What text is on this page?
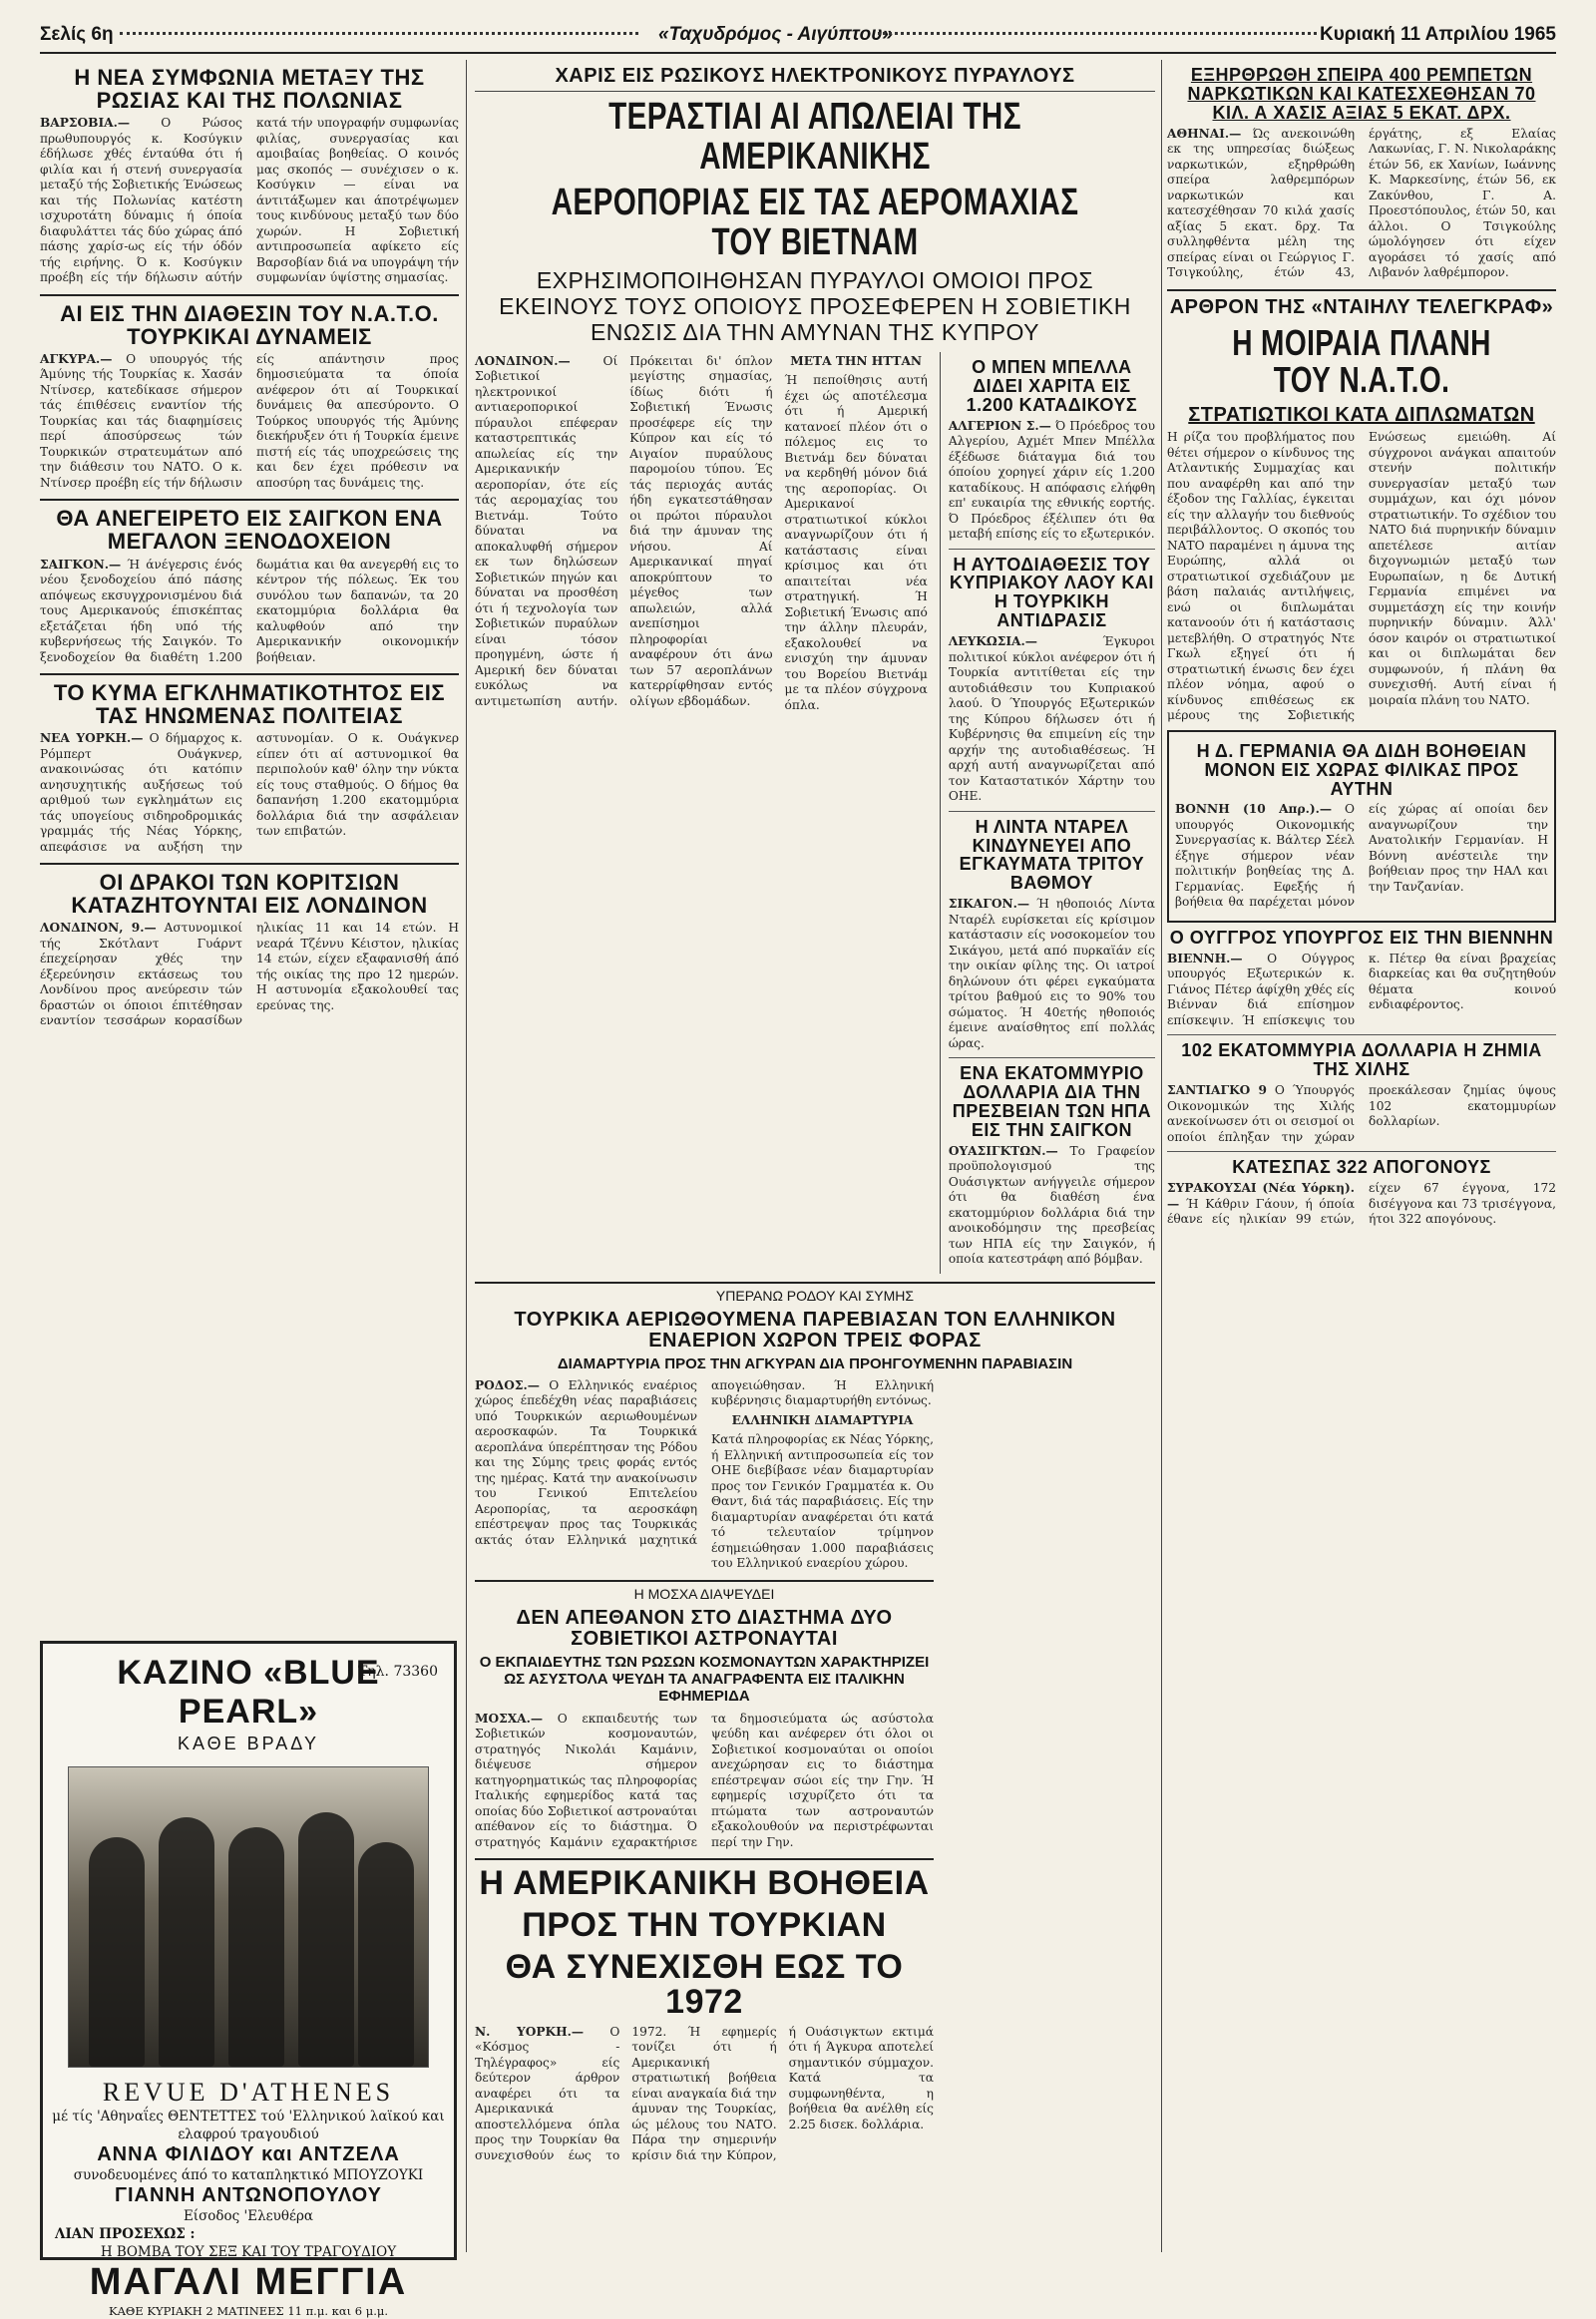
Σελίς 6η	«Ταχυδρόμος - Αιγύπτου»	Κυριακή 11 Απριλίου 1965
Η ΝΕΑ ΣΥΜΦΩΝΙΑ ΜΕΤΑΞΥ ΤΗΣ ΡΩΣΙΑΣ ΚΑΙ ΤΗΣ ΠΟΛΩΝΙΑΣ
ΒΑΡΣΟΒΙΑ.—	Ο Ρώσος πρωθυπουργός κ. Κοσύγκιν έδήλωσε χθές ένταύθα ότι ή φιλία και ή στενή συνεργασία μεταξύ τής Σοβιετικής Ένώσεως και τής Πολωνίας κατέστη ισχυροτάτη δύναμις ή όποία διαφυλάττει τάς δύο χώρας άπό πάσης χαρίσ-ως είς τήν όδόν τής ειρήνης. Ό κ. Κοσύγκιν προέβη είς τήν δήλωσιν αύτήν κατά τήν υπογραφήν συμφωνίας φιλίας, συνεργασίας και αμοιβαίας βοηθείας. Ο κοινός μας σκοπός — συνέχισεν ο κ. Κοσύγκιν — είναι να άντιτάξωμεν και άποτρέψωμεν τους κινδύνους μεταξύ των δύο χωρών. Η Σοβιετική αντιπροσωπεία αφίκετο είς Βαρσοβίαν διά να υπογράψη τήν συμφωνίαν ύψίστης σημασίας.
ΑΙ ΕΙΣ ΤΗΝ ΔΙΑΘΕΣΙΝ ΤΟΥ Ν.Α.Τ.Ο. ΤΟΥΡΚΙΚΑΙ ΔΥΝΑΜΕΙΣ
ΑΓΚΥΡΑ.— Ο υπουργός τής Άμύνης τής Τουρκίας κ. Χασάν Ντίνσερ, κατεδίκασε σήμερον τάς έπιθέσεις εναντίον τής Τουρκίας και τάς διαφημίσεις περί άποσύρσεως τών Τουρκικών στρατευμάτων από την διάθεσιν του ΝΑΤΟ. Ο κ. Ντίνσερ προέβη είς τήν δήλωσιν είς απάντησιν προς δημοσιεύματα τα όποία ανέφερον ότι αί Τουρκικαί δυνάμεις θα απεσύροντο. Ο Τούρκος υπουργός τής Άμύνης διεκήρυξεν ότι ή Τουρκία έμεινε πιστή είς τάς υποχρεώσεις της και δεν έχει πρόθεσιν να αποσύρη τας δυνάμεις της.
ΘΑ ΑΝΕΓΕΙΡΕΤΟ ΕΙΣ ΣΑΙΓΚΟΝ ΕΝΑ ΜΕΓΑΛΟΝ ΞΕΝΟΔΟΧΕΙΟΝ
ΣΑΙΓΚΟΝ.— Ή άνέγερσις ένός νέου ξενοδοχείου άπό πάσης απόψεως εκσυγχρονισμένου διά τους Αμερικανούς έπισκέπτας εξετάζεται ήδη υπό τής κυβερνήσεως τής Σαιγκόν. Το ξενοδοχείον θα διαθέτη 1.200 δωμάτια και θα ανεγερθή εις το κέντρον τής πόλεως. Έκ του συνόλου των δαπανών, τα 20 εκατομμύρια δολλάρια θα καλυφθούν από την Αμερικανικήν οικονομικήν βοήθειαν.
ΤΟ ΚΥΜΑ ΕΓΚΛΗΜΑΤΙΚΟΤΗΤΟΣ ΕΙΣ ΤΑΣ ΗΝΩΜΕΝΑΣ ΠΟΛΙΤΕΙΑΣ
ΝΕΑ ΥΟΡΚΗ.— Ο δήμαρχος κ. Ρόμπερτ Ουάγκνερ, ανακοινώσας ότι κατόπιν ανησυχητικής αυξήσεως τού αριθμού των εγκλημάτων εις τάς υπογείους σιδηροδρομικάς γραμμάς τής Νέας Υόρκης, απεφάσισε να αυξήση την αστυνομίαν. Ο κ. Ουάγκνερ είπεν ότι αί αστυνομικοί θα περιπολούν καθ' όλην την νύκτα είς τους σταθμούς. Ο δήμος θα δαπανήση 1.200 εκατομμύρια δολλάρια διά την ασφάλειαν των επιβατών.
ΟΙ ΔΡΑΚΟΙ ΤΩΝ ΚΟΡΙΤΣΙΩΝ ΚΑΤΑΖΗΤΟΥΝΤΑΙ ΕΙΣ ΛΟΝΔΙΝΟΝ
ΛΟΝΔΙΝΟΝ, 9.— Αστυνομικοί τής Σκότλαντ Γυάρντ έπεχείρησαν χθές την έξερεύνησιν εκτάσεως του Λονδίνου προς ανεύρεσιν τών δραστών οι όποιοι έπιτέθησαν εναντίον τεσσάρων κορασίδων ηλικίας 11 και 14 ετών. Η νεαρά Τζέννυ Κέιστον, ηλικίας 14 ετών, είχεν εξαφανισθή άπό τής οικίας της προ 12 ημερών. Η αστυνομία εξακολουθεί τας ερεύνας της.
Τηλ. 73360
ΚΑΖΙΝΟ «BLUE PEARL»
ΚΑΘΕ ΒΡΑΔΥ
REVUE D'ATHENES
μέ τίς 'Αθηναΐες ΘΕΝΤΕΤΤΕΣ τού 'Ελληνικού λαϊκού και ελαφρού τραγουδιού
ΑΝΝΑ ΦΙΛΙΔΟΥ και ΑΝΤΖΕΛΑ
συνοδευομένες άπό το καταπληκτικό ΜΠΟΥΖΟΥΚΙ
ΓΙΑΝΝΗ ΑΝΤΩΝΟΠΟΥΛΟΥ
Είσοδος 'Ελευθέρα
ΛΙΑΝ ΠΡΟΣΕΧΩΣ :
Η ΒΟΜΒΑ ΤΟΥ ΣΕΞ ΚΑΙ ΤΟΥ ΤΡΑΓΟΥΔΙΟΥ
ΜΑΓΑΛΙ ΜΕΓΓΙΑ
ΚΑΘΕ ΚΥΡΙΑΚΗ 2 ΜΑΤΙΝΕΕΣ 11 π.μ. και 6 μ.μ.
ΧΑΡΙΣ ΕΙΣ ΡΩΣΙΚΟΥΣ ΗΛΕΚΤΡΟΝΙΚΟΥΣ ΠΥΡΑΥΛΟΥΣ
ΤΕΡΑΣΤΙΑΙ ΑΙ ΑΠΩΛΕΙΑΙ ΤΗΣ ΑΜΕΡΙΚΑΝΙΚΗΣ
ΑΕΡΟΠΟΡΙΑΣ ΕΙΣ ΤΑΣ ΑΕΡΟΜΑΧΙΑΣ ΤΟΥ ΒΙΕΤΝΑΜ
ΕΧΡΗΣΙΜΟΠΟΙΗΘΗΣΑΝ ΠΥΡΑΥΛΟΙ ΟΜΟΙΟΙ ΠΡΟΣ ΕΚΕΙΝΟΥΣ ΤΟΥΣ ΟΠΟΙΟΥΣ ΠΡΟΣΕΦΕΡΕΝ Η ΣΟΒΙΕΤΙΚΗ ΕΝΩΣΙΣ ΔΙΑ ΤΗΝ ΑΜΥΝΑΝ ΤΗΣ ΚΥΠΡΟΥ
ΛΟΝΔΙΝΟΝ.—	Οί Σοβιετικοί ηλεκτρονικοί αντιαεροπορικοί πύραυλοι επέφεραν καταστρεπτικάς απωλείας είς την Αμερικανικήν αεροπορίαν, ότε είς τάς αερομαχίας του Βιετνάμ. Τούτο δύναται να αποκαλυφθή σήμερον εκ των δηλώσεων Σοβιετικών πηγών και δύναται να προσθέση ότι ή τεχνολογία των Σοβιετικών πυραύλων είναι τόσον προηγμένη, ώστε ή Αμερική δεν δύναται ευκόλως να αντιμετωπίση αυτήν. Πρόκειται δι' όπλον μεγίστης σημασίας, ίδίως διότι ή Σοβιετική Ένωσις προσέφερε είς την Κύπρον και είς τό Αιγαίον πυραύλους παρομοίου τύπου. Ές τάς περιοχάς αυτάς ήδη εγκατεστάθησαν οι πρώτοι πύραυλοι διά την άμυναν της νήσου. Αί Αμερικανικαί πηγαί αποκρύπτουν το μέγεθος των απωλειών, αλλά ανεπίσημοι πληροφορίαι αναφέρουν ότι άνω των 57 αεροπλάνων κατερρίφθησαν εντός ολίγων εβδομάδων.
ΜΕΤΑ ΤΗΝ ΗΤΤΑΝ
Ή πεποίθησις αυτή έχει ώς αποτέλεσμα ότι ή Αμερική κατανοεί πλέον ότι ο πόλεμος εις το Βιετνάμ δεν δύναται να κερδηθή μόνον διά της αεροπορίας. Οι Αμερικανοί στρατιωτικοί κύκλοι αναγνωρίζουν ότι ή κατάστασις είναι κρίσιμος και ότι απαιτείται νέα στρατηγική. Ή Σοβιετική Ένωσις από την άλλην πλευράν, εξακολουθεί να ενισχύη την άμυναν του Βορείου Βιετνάμ με τα πλέον σύγχρονα όπλα.
Ο ΜΠΕΝ ΜΠΕΛΛΑ ΔΙΔΕΙ ΧΑΡΙΤΑ ΕΙΣ 1.200 ΚΑΤΑΔΙΚΟΥΣ
ΑΛΓΕΡΙΟΝ Σ.— Ό Πρόεδρος του Αλγερίου, Αχμέτ Μπεν Μπέλλα έξέδωσε διάταγμα διά του όποίου χορηγεί χάριν είς 1.200 καταδίκους. Η απόφασις ελήφθη επ' ευκαιρία της εθνικής εορτής. Ό Πρόεδρος έξέλιπεν ότι θα μεταβή επίσης είς το εξωτερικόν.
Η ΑΥΤΟΔΙΑΘΕΣΙΣ ΤΟΥ ΚΥΠΡΙΑΚΟΥ ΛΑΟΥ ΚΑΙ Η ΤΟΥΡΚΙΚΗ ΑΝΤΙΔΡΑΣΙΣ
ΛΕΥΚΩΣΙΑ.—	Έγκυροι πολιτικοί κύκλοι ανέφερον ότι ή Τουρκία αντιτίθεται είς την αυτοδιάθεσιν του Κυπριακού λαού. Ό Ύπουργός Εξωτερικών της Κύπρου δήλωσεν ότι ή Κυβέρνησις θα επιμείνη είς την αρχήν της αυτοδιαθέσεως. Ή αρχή αυτή αναγνωρίζεται από τον Καταστατικόν Χάρτην του ΟΗΕ.
Η ΛΙΝΤΑ ΝΤΑΡΕΛ ΚΙΝΔΥΝΕΥΕΙ ΑΠΟ ΕΓΚΑΥΜΑΤΑ ΤΡΙΤΟΥ ΒΑΘΜΟΥ
ΣΙΚΑΓΟΝ.— Ή ηθοποιός Λίντα Νταρέλ ευρίσκεται είς κρίσιμον κατάστασιν είς νοσοκομείον του Σικάγου, μετά από πυρκαϊάν είς την οικίαν φίλης της. Οι ιατροί δηλώνουν ότι φέρει εγκαύματα τρίτου βαθμού εις το 90% του σώματος. Ή 40ετής ηθοποιός έμεινε αναίσθητος επί πολλάς ώρας.
ΕΝΑ ΕΚΑΤΟΜΜΥΡΙΟ ΔΟΛΛΑΡΙΑ ΔΙΑ ΤΗΝ ΠΡΕΣΒΕΙΑΝ ΤΩΝ ΗΠΑ ΕΙΣ ΤΗΝ ΣΑΙΓΚΟΝ
ΟΥΑΣΙΓΚΤΩΝ.— Το Γραφείον προϋπολογισμού της Ουάσιγκτων ανήγγειλε σήμερον ότι θα διαθέση ένα εκατομμύριον δολλάρια διά την ανοικοδόμησιν της πρεσβείας των ΗΠΑ είς την Σαιγκόν, ή οποία κατεστράφη από βόμβαν.
ΥΠΕΡΑΝΩ ΡΟΔΟΥ ΚΑΙ ΣΥΜΗΣ
ΤΟΥΡΚΙΚΑ ΑΕΡΙΩΘΟΥΜΕΝΑ ΠΑΡΕΒΙΑΣΑΝ ΤΟΝ ΕΛΛΗΝΙΚΟΝ ΕΝΑΕΡΙΟΝ ΧΩΡΟΝ ΤΡΕΙΣ ΦΟΡΑΣ
ΔΙΑΜΑΡΤΥΡΙΑ ΠΡΟΣ ΤΗΝ ΑΓΚΥΡΑΝ ΔΙΑ ΠΡΟΗΓΟΥΜΕΝΗΝ ΠΑΡΑΒΙΑΣΙΝ
ΡΟΔΟΣ.— Ο Ελληνικός εναέριος χώρος έπεδέχθη νέας παραβιάσεις υπό Τουρκικών αεριωθουμένων αεροσκαφών. Τα Τουρκικά αεροπλάνα ύπερέπτησαν της Ρόδου και της Σύμης τρεις φοράς εντός της ημέρας. Κατά την ανακοίνωσιν του Γενικού Επιτελείου Αεροπορίας, τα αεροσκάφη επέστρεψαν προς τας Τουρκικάς ακτάς όταν Ελληνικά μαχητικά απογειώθησαν. Ή Ελληνική κυβέρνησις διαμαρτυρήθη εντόνως.
ΕΛΛΗΝΙΚΗ ΔΙΑΜΑΡΤΥΡΙΑ
Κατά πληροφορίας εκ Νέας Υόρκης, ή Ελληνική αντιπροσωπεία είς τον ΟΗΕ διεβίβασε νέαν διαμαρτυρίαν προς τον Γενικόν Γραμματέα κ. Ου Θαντ, διά τάς παραβιάσεις. Είς την διαμαρτυρίαν αναφέρεται ότι κατά τό τελευταίον τρίμηνον έσημειώθησαν 1.000 παραβιάσεις του Ελληνικού εναερίου χώρου.
Η ΜΟΣΧΑ ΔΙΑΨΕΥΔΕΙ
ΔΕΝ ΑΠΕΘΑΝΟΝ ΣΤΟ ΔΙΑΣΤΗΜΑ ΔΥΟ ΣΟΒΙΕΤΙΚΟΙ ΑΣΤΡΟΝΑΥΤΑΙ
Ο ΕΚΠΑΙΔΕΥΤΗΣ ΤΩΝ ΡΩΣΩΝ ΚΟΣΜΟΝΑΥΤΩΝ ΧΑΡΑΚΤΗΡΙΖΕΙ ΩΣ ΑΣΥΣΤΟΛΑ ΨΕΥΔΗ ΤΑ ΑΝΑΓΡΑΦΕΝΤΑ ΕΙΣ ΙΤΑΛΙΚΗΝ ΕΦΗΜΕΡΙΔΑ
ΜΟΣΧΑ.— Ο εκπαιδευτής των Σοβιετικών κοσμοναυτών, στρατηγός Νικολάι Καμάνιν, διέψευσε σήμερον κατηγορηματικώς τας πληροφορίας Ιταλικής εφημερίδος κατά τας οποίας δύο Σοβιετικοί αστροναύται απέθανον είς το διάστημα. Ό στρατηγός Καμάνιν εχαρακτήρισε τα δημοσιεύματα ώς ασύστολα ψεύδη και ανέφερεν ότι όλοι οι Σοβιετικοί κοσμοναύται οι οποίοι ανεχώρησαν εις το διάστημα επέστρεψαν σώοι είς την Γην. Ή εφημερίς ισχυρίζετο ότι τα πτώματα των αστροναυτών εξακολουθούν να περιστρέφωνται περί την Γην.
Η ΑΜΕΡΙΚΑΝΙΚΗ ΒΟΗΘΕΙΑ
ΠΡΟΣ ΤΗΝ ΤΟΥΡΚΙΑΝ
ΘΑ ΣΥΝΕΧΙΣΘΗ ΕΩΣ ΤΟ 1972
Ν. ΥΟΡΚΗ.— Ο «Κόσμος - Τηλέγραφος» είς δεύτερον άρθρον αναφέρει ότι τα Αμερικανικά αποστελλόμενα όπλα προς την Τουρκίαν θα συνεχισθούν έως το 1972. Ή εφημερίς τονίζει ότι ή Αμερικανική στρατιωτική βοήθεια είναι αναγκαία διά την άμυναν της Τουρκίας, ώς μέλους του ΝΑΤΟ. Πάρα την σημερινήν κρίσιν διά την Κύπρον, ή Ουάσιγκτων εκτιμά ότι ή Άγκυρα αποτελεί σημαντικόν σύμμαχον. Κατά τα συμφωνηθέντα, η βοήθεια θα ανέλθη είς 2.25 δισεκ. δολλάρια.
ΕΞΗΡΘΡΩΘΗ ΣΠΕΙΡΑ 400 ΡΕΜΠΕΤΩΝ ΝΑΡΚΩΤΙΚΩΝ ΚΑΙ ΚΑΤΕΣΧΕΘΗΣΑΝ 70 ΚΙΛ. Α ΧΑΣΙΣ ΑΞΙΑΣ 5 ΕΚΑΤ. ΔΡΧ.
ΑΘΗΝΑΙ.— Ώς ανεκοινώθη εκ της υπηρεσίας διώξεως ναρκωτικών, εξηρθρώθη σπείρα λαθρεμπόρων ναρκωτικών και κατεσχέθησαν 70 κιλά χασίς αξίας 5 εκατ. δρχ. Τα συλληφθέντα μέλη της σπείρας είναι οι Γεώργιος Γ. Τσιγκούλης, έτών 43, έργάτης, εξ Ελαίας Λακωνίας, Γ. Ν. Νικολαράκης έτών 56, εκ Χανίων, Ιωάννης Κ. Μαρκεσίνης, έτών 56, εκ Ζακύνθου, Γ. Α. Προεστόπουλος, έτών 50, και άλλοι. Ο Τσιγκούλης ώμολόγησεν ότι είχεν αγοράσει τό χασίς από Λιβανόν λαθρέμπορον.
ΑΡΘΡΟΝ ΤΗΣ «ΝΤΑΙΗΛΥ ΤΕΛΕΓΚΡΑΦ»
Η ΜΟΙΡΑΙΑ ΠΛΑΝΗ ΤΟΥ Ν.Α.Τ.Ο.
ΣΤΡΑΤΙΩΤΙΚΟΙ ΚΑΤΑ ΔΙΠΛΩΜΑΤΩΝ
Η ρίζα του προβλήματος που θέτει σήμερον ο κίνδυνος της Ατλαντικής Συμμαχίας και που αναφέρθη και από την έξοδον της Γαλλίας, έγκειται είς την αλλαγήν του διεθνούς περιβάλλοντος. Ο σκοπός του ΝΑΤΟ παραμένει η άμυνα της Ευρώπης, αλλά οι στρατιωτικοί σχεδιάζουν με βάση παλαιάς αντιλήψεις, ενώ οι διπλωμάται κατανοούν ότι ή κατάστασις μετεβλήθη. Ο στρατηγός Ντε Γκωλ εξηγεί ότι ή στρατιωτική ένωσις δεν έχει πλέον νόημα, αφού ο κίνδυνος επιθέσεως εκ μέρους της Σοβιετικής Ενώσεως εμειώθη. Αί σύγχρονοι ανάγκαι απαιτούν στενήν πολιτικήν συνεργασίαν μεταξύ των συμμάχων, και όχι μόνον στρατιωτικήν. Το σχέδιον του ΝΑΤΟ διά πυρηνικήν δύναμιν απετέλεσε αιτίαν διχογνωμιών μεταξύ των Ευρωπαίων, η δε Δυτική Γερμανία επιμένει να συμμετάσχη είς την κοινήν πυρηνικήν δύναμιν. Άλλ' όσον καιρόν οι στρατιωτικοί και οι διπλωμάται δεν συμφωνούν, ή πλάνη θα συνεχισθή. Αυτή είναι ή μοιραία πλάνη του ΝΑΤΟ.
Η Δ. ΓΕΡΜΑΝΙΑ ΘΑ ΔΙΔΗ ΒΟΗΘΕΙΑΝ ΜΟΝΟΝ ΕΙΣ ΧΩΡΑΣ ΦΙΛΙΚΑΣ ΠΡΟΣ ΑΥΤΗΝ
ΒΟΝΝΗ (10 Απρ.).— Ο υπουργός Οικονομικής Συνεργασίας κ. Βάλτερ Σέελ έξηγε σήμερον νέαν πολιτικήν βοηθείας της Δ. Γερμανίας. Εφεξής ή βοήθεια θα παρέχεται μόνον είς χώρας αί οποίαι δεν αναγνωρίζουν την Ανατολικήν Γερμανίαν. Η Βόννη ανέστειλε την βοήθειαν προς την ΗΑΛ και την Τανζανίαν.
Ο ΟΥΓΓΡΟΣ ΥΠΟΥΡΓΟΣ ΕΙΣ ΤΗΝ ΒΙΕΝΝΗΝ
ΒΙΕΝΝΗ.— Ο Ούγγρος υπουργός Εξωτερικών κ. Γιάνος Πέτερ άφίχθη χθές είς Βιένναν διά επίσημον επίσκεψιν. Ή επίσκεψις του κ. Πέτερ θα είναι βραχείας διαρκείας και θα συζητηθούν θέματα κοινού ενδιαφέροντος.
102 ΕΚΑΤΟΜΜΥΡΙΑ ΔΟΛΛΑΡΙΑ Η ΖΗΜΙΑ ΤΗΣ ΧΙΛΗΣ
ΣΑΝΤΙΑΓΚΟ 9 Ο Ύπουργός Οικονομικών της Χιλής ανεκοίνωσεν ότι οι σεισμοί οι οποίοι έπληξαν την χώραν προεκάλεσαν ζημίας ύψους 102 εκατομμυρίων δολλαρίων.
ΚΑΤΕΣΠΑΣ 322 ΑΠΟΓΟΝΟΥΣ
ΣΥΡΑΚΟΥΣΑΙ (Νέα Υόρκη).— Ή Κάθριν Γάουν, ή όποία έθανε είς ηλικίαν 99 ετών, είχεν 67 έγγονα, 172 δισέγγονα και 73 τρισέγγονα, ήτοι 322 απογόνους.
